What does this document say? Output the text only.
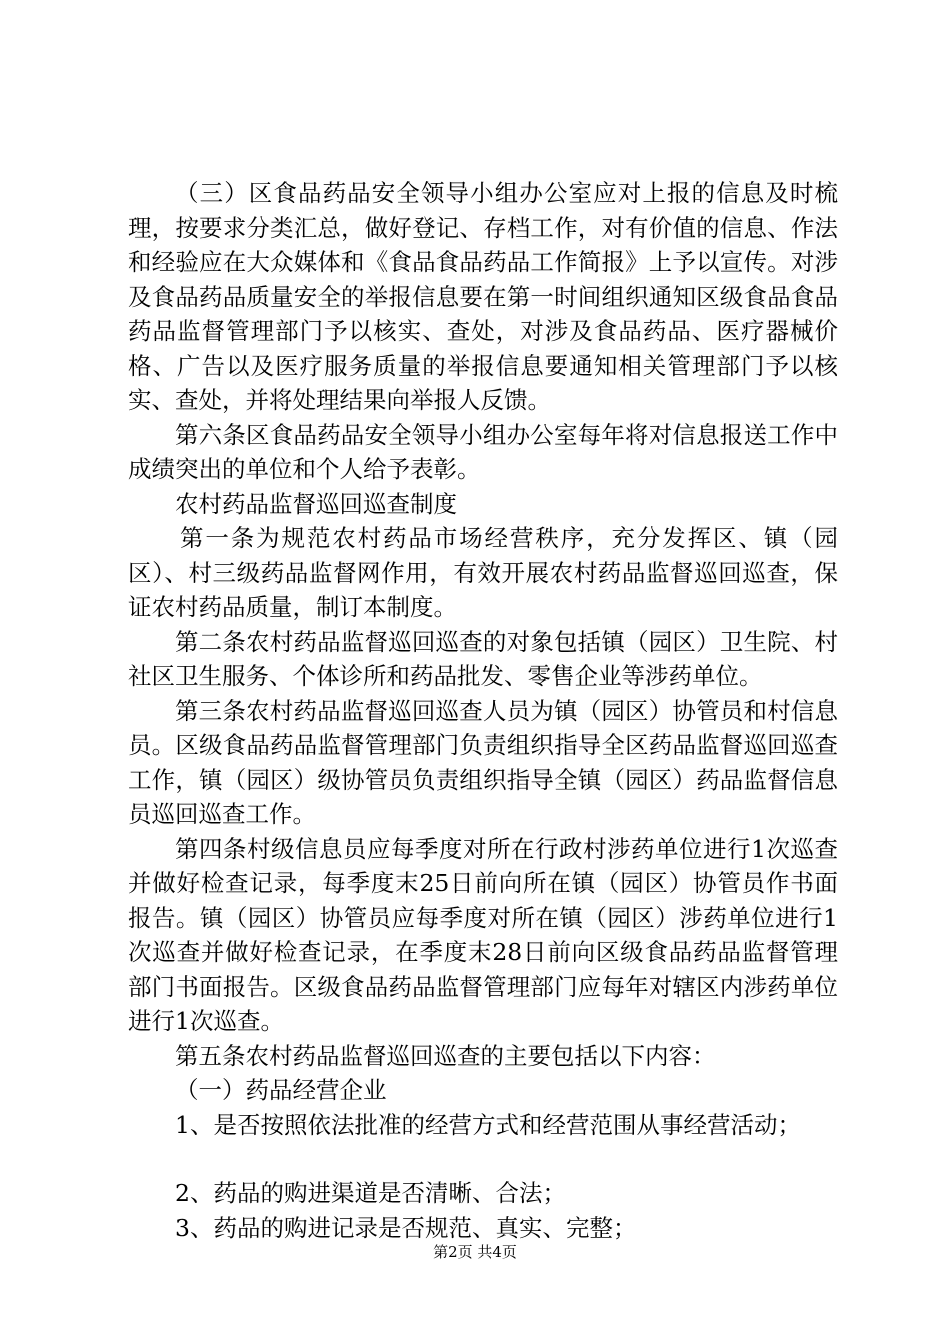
（三）区食品药品安全领导小组办公室应对上报的信息及时梳理，按要求分类汇总，做好登记、存档工作，对有价值的信息、作法和经验应在大众媒体和《食品食品药品工作简报》上予以宣传。对涉及食品药品质量安全的举报信息要在第一时间组织通知区级食品食品药品监督管理部门予以核实、查处，对涉及食品药品、医疗器械价格、广告以及医疗服务质量的举报信息要通知相关管理部门予以核实、查处，并将处理结果向举报人反馈。

第六条区食品药品安全领导小组办公室每年将对信息报送工作中成绩突出的单位和个人给予表彰。

农村药品监督巡回巡查制度

第一条为规范农村药品市场经营秩序，充分发挥区、镇（园区）、村三级药品监督网作用，有效开展农村药品监督巡回巡查，保证农村药品质量，制订本制度。

第二条农村药品监督巡回巡查的对象包括镇（园区）卫生院、村社区卫生服务、个体诊所和药品批发、零售企业等涉药单位。

第三条农村药品监督巡回巡查人员为镇（园区）协管员和村信息员。区级食品药品监督管理部门负责组织指导全区药品监督巡回巡查工作，镇（园区）级协管员负责组织指导全镇（园区）药品监督信息员巡回巡查工作。

第四条村级信息员应每季度对所在行政村涉药单位进行1次巡查并做好检查记录，每季度末25日前向所在镇（园区）协管员作书面报告。镇（园区）协管员应每季度对所在镇（园区）涉药单位进行1次巡查并做好检查记录，在季度末28日前向区级食品药品监督管理部门书面报告。区级食品药品监督管理部门应每年对辖区内涉药单位进行1次巡查。

第五条农村药品监督巡回巡查的主要包括以下内容：

（一）药品经营企业

1、是否按照依法批准的经营方式和经营范围从事经营活动；

2、药品的购进渠道是否清晰、合法；

3、药品的购进记录是否规范、真实、完整；

第2页 共4页
